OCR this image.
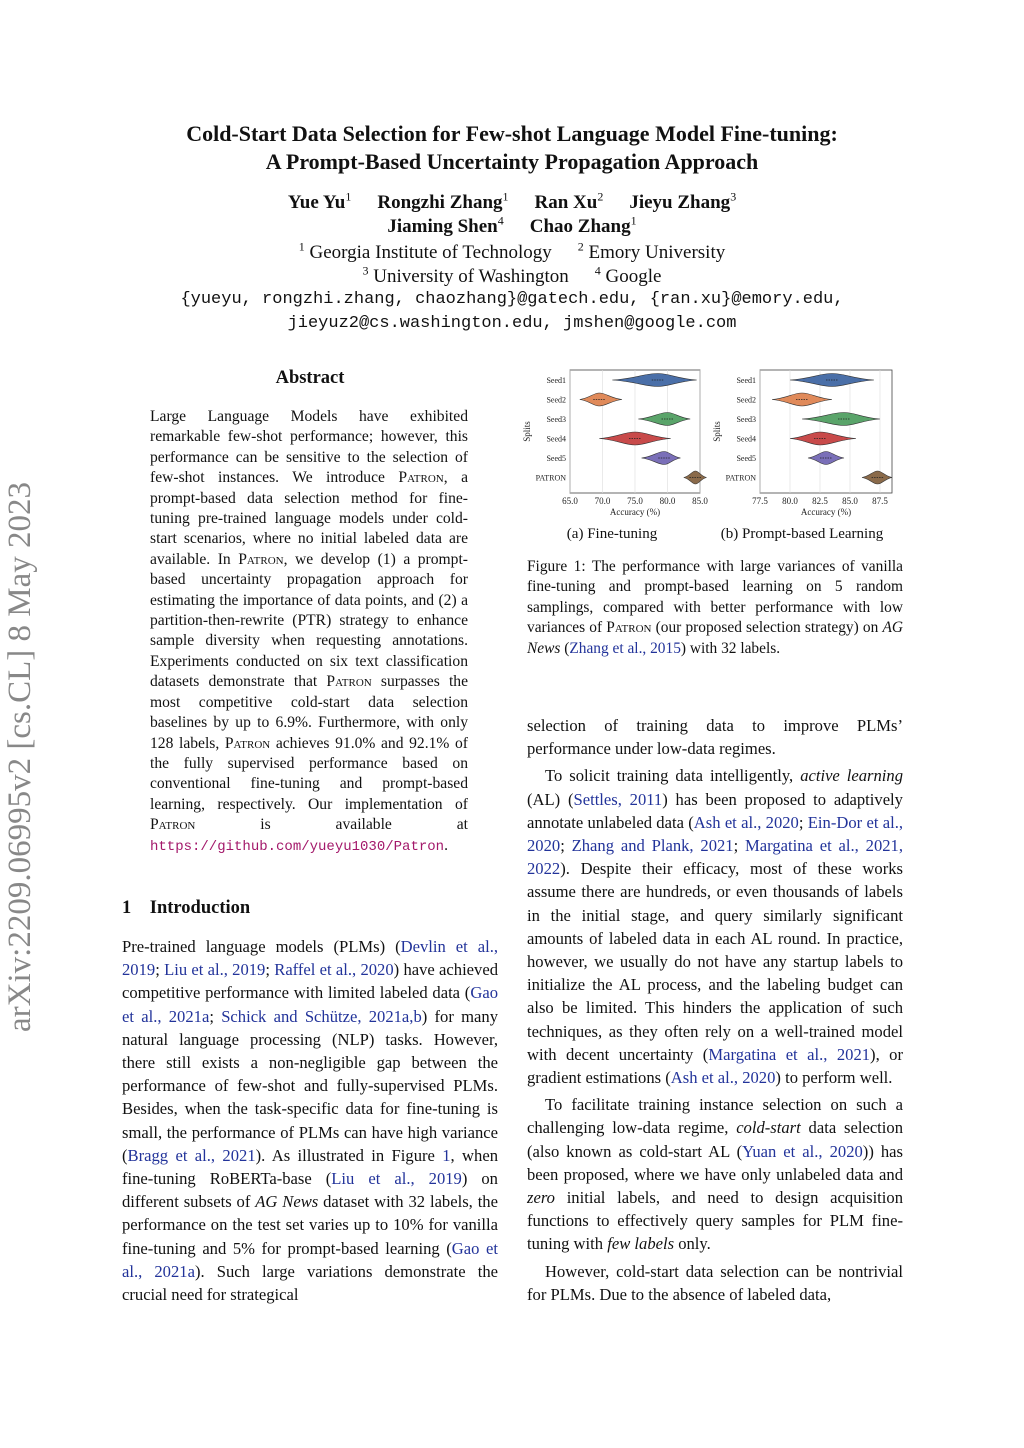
arXiv:2209.06995v2 [cs.CL] 8 May 2023
Cold-Start Data Selection for Few-shot Language Model Fine-tuning:
A Prompt-Based Uncertainty Propagation Approach
Yue Yu$^1$ Rongzhi Zhang$^1$ Ran Xu$^2$ Jieyu Zhang$^3$
Jiaming Shen$^4$ Chao Zhang$^1$
$^1$ Georgia Institute of Technology $^2$ Emory University
$^3$ University of Washington $^4$ Google
{yueyu, rongzhi.zhang, chaozhang}@gatech.edu, {ran.xu}@emory.edu,
jieyuz2@cs.washington.edu, jmshen@google.com
Abstract
Large Language Models have exhibited remarkable few-shot performance; however, this performance can be sensitive to the selection of few-shot instances. We introduce Patron, a prompt-based data selection method for fine-tuning pre-trained language models under cold-start scenarios, where no initial labeled data are available. In Patron, we develop (1) a prompt-based uncertainty propagation approach for estimating the importance of data points, and (2) a partition-then-rewrite (PTR) strategy to enhance sample diversity when requesting annotations. Experiments conducted on six text classification datasets demonstrate that Patron surpasses the most competitive cold-start data selection baselines by up to 6.9%. Furthermore, with only 128 labels, Patron achieves 91.0% and 92.1% of the fully supervised performance based on conventional fine-tuning and prompt-based learning, respectively. Our implementation of Patron is available at https://github.com/yueyu1030/Patron.
1 Introduction
Pre-trained language models (PLMs) (Devlin et al., 2019; Liu et al., 2019; Raffel et al., 2020) have achieved competitive performance with limited labeled data (Gao et al., 2021a; Schick and Schütze, 2021a,b) for many natural language processing (NLP) tasks. However, there still exists a non-negligible gap between the performance of few-shot and fully-supervised PLMs. Besides, when the task-specific data for fine-tuning is small, the performance of PLMs can have high variance (Bragg et al., 2021). As illustrated in Figure 1, when fine-tuning RoBERTa-base (Liu et al., 2019) on different subsets of AG News dataset with 32 labels, the performance on the test set varies up to 10% for vanilla fine-tuning and 5% for prompt-based learning (Gao et al., 2021a). Such large variations demonstrate the crucial need for strategical
65.0 70.0 75.0 80.0 85.0
Accuracy (%)
Splits
Seed1
Seed2
Seed3
Seed4
Seed5
PATRON
77.5 80.0 82.5 85.0 87.5
Accuracy (%)
Splits
Seed1
Seed2
Seed3
Seed4
Seed5
PATRON
(a) Fine-tuning	(b) Prompt-based Learning
Figure 1: The performance with large variances of vanilla fine-tuning and prompt-based learning on 5 random samplings, compared with better performance with low variances of Patron (our proposed selection strategy) on AG News (Zhang et al., 2015) with 32 labels.

selection of training data to improve PLMs’ performance under low-data regimes.

To solicit training data intelligently, active learning (AL) (Settles, 2011) has been proposed to adaptively annotate unlabeled data (Ash et al., 2020; Ein-Dor et al., 2020; Zhang and Plank, 2021; Margatina et al., 2021, 2022). Despite their efficacy, most of these works assume there are hundreds, or even thousands of labels in the initial stage, and query similarly significant amounts of labeled data in each AL round. In practice, however, we usually do not have any startup labels to initialize the AL process, and the labeling budget can also be limited. This hinders the application of such techniques, as they often rely on a well-trained model with decent uncertainty (Margatina et al., 2021), or gradient estimations (Ash et al., 2020) to perform well.

To facilitate training instance selection on such a challenging low-data regime, cold-start data selection (also known as cold-start AL (Yuan et al., 2020)) has been proposed, where we have only unlabeled data and zero initial labels, and need to design acquisition functions to effectively query samples for PLM fine-tuning with few labels only.

However, cold-start data selection can be nontrivial for PLMs. Due to the absence of labeled data,
